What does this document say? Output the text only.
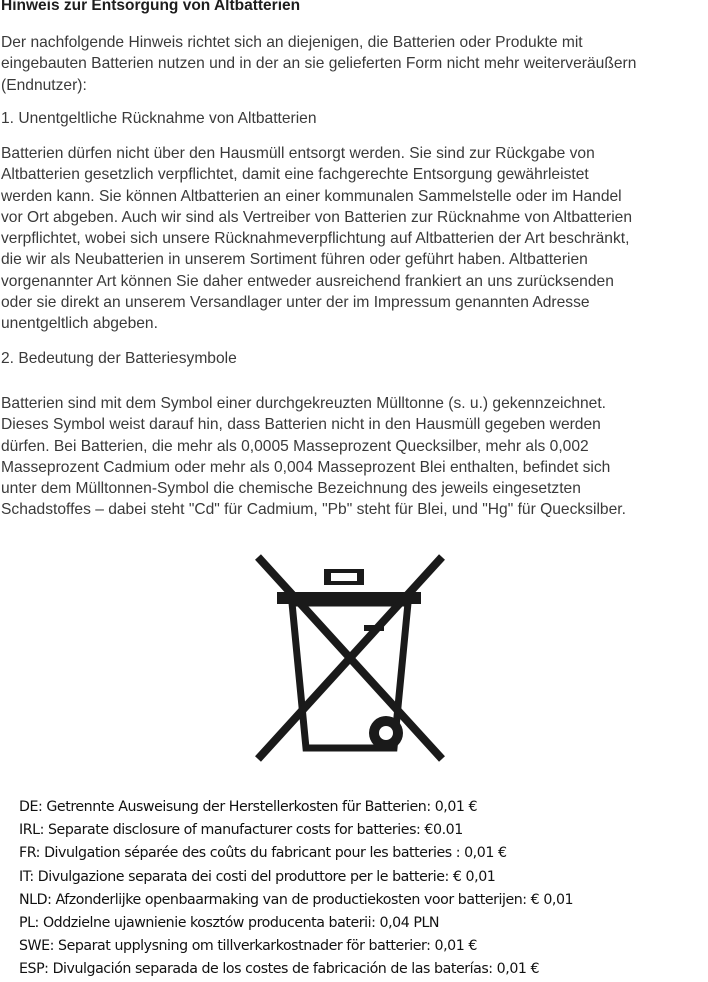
Hinweis zur Entsorgung von Altbatterien

Der nachfolgende Hinweis richtet sich an diejenigen, die Batterien oder Produkte mit
eingebauten Batterien nutzen und in der an sie gelieferten Form nicht mehr weiterveräußern
(Endnutzer):

1. Unentgeltliche Rücknahme von Altbatterien

Batterien dürfen nicht über den Hausmüll entsorgt werden. Sie sind zur Rückgabe von
Altbatterien gesetzlich verpflichtet, damit eine fachgerechte Entsorgung gewährleistet
werden kann. Sie können Altbatterien an einer kommunalen Sammelstelle oder im Handel
vor Ort abgeben. Auch wir sind als Vertreiber von Batterien zur Rücknahme von Altbatterien
verpflichtet, wobei sich unsere Rücknahmeverpflichtung auf Altbatterien der Art beschränkt,
die wir als Neubatterien in unserem Sortiment führen oder geführt haben. Altbatterien
vorgenannter Art können Sie daher entweder ausreichend frankiert an uns zurücksenden
oder sie direkt an unserem Versandlager unter der im Impressum genannten Adresse
unentgeltlich abgeben.

2. Bedeutung der Batteriesymbole

Batterien sind mit dem Symbol einer durchgekreuzten Mülltonne (s. u.) gekennzeichnet.
Dieses Symbol weist darauf hin, dass Batterien nicht in den Hausmüll gegeben werden
dürfen. Bei Batterien, die mehr als 0,0005 Masseprozent Quecksilber, mehr als 0,002
Masseprozent Cadmium oder mehr als 0,004 Masseprozent Blei enthalten, befindet sich
unter dem Mülltonnen-Symbol die chemische Bezeichnung des jeweils eingesetzten
Schadstoffes – dabei steht "Cd" für Cadmium, "Pb" steht für Blei, und "Hg" für Quecksilber.

DE: Getrennte Ausweisung der Herstellerkosten für Batterien: 0,01 €
IRL: Separate disclosure of manufacturer costs for batteries: €0.01
FR: Divulgation séparée des coûts du fabricant pour les batteries : 0,01 €
IT: Divulgazione separata dei costi del produttore per le batterie: € 0,01
NLD: Afzonderlijke openbaarmaking van de productiekosten voor batterijen: € 0,01
PL: Oddzielne ujawnienie kosztów producenta baterii: 0,04 PLN
SWE: Separat upplysning om tillverkarkostnader för batterier: 0,01 €
ESP: Divulgación separada de los costes de fabricación de las baterías: 0,01 €
